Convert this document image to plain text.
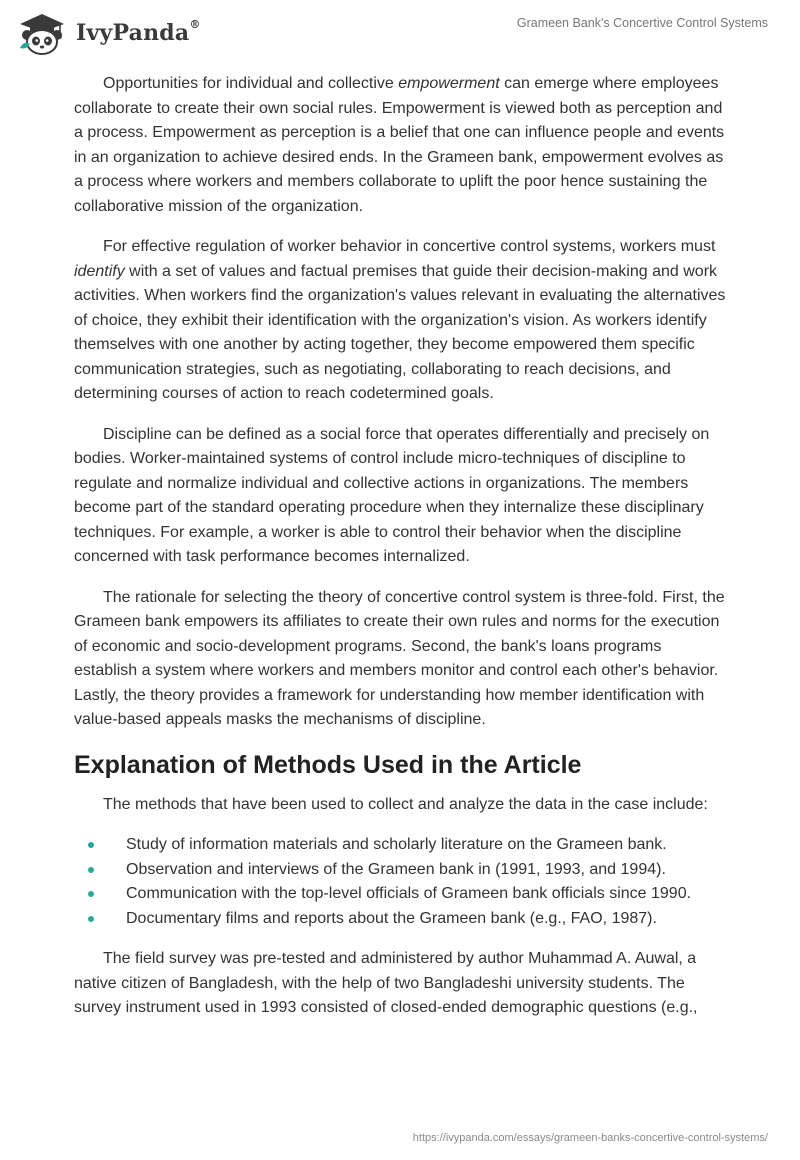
IvyPanda®	Grameen Bank's Concertive Control Systems

Opportunities for individual and collective empowerment can emerge where employees collaborate to create their own social rules. Empowerment is viewed both as perception and a process. Empowerment as perception is a belief that one can influence people and events in an organization to achieve desired ends. In the Grameen bank, empowerment evolves as a process where workers and members collaborate to uplift the poor hence sustaining the collaborative mission of the organization.

For effective regulation of worker behavior in concertive control systems, workers must identify with a set of values and factual premises that guide their decision-making and work activities. When workers find the organization's values relevant in evaluating the alternatives of choice, they exhibit their identification with the organization's vision. As workers identify themselves with one another by acting together, they become empowered them specific communication strategies, such as negotiating, collaborating to reach decisions, and determining courses of action to reach codetermined goals.

Discipline can be defined as a social force that operates differentially and precisely on bodies. Worker-maintained systems of control include micro-techniques of discipline to regulate and normalize individual and collective actions in organizations. The members become part of the standard operating procedure when they internalize these disciplinary techniques. For example, a worker is able to control their behavior when the discipline concerned with task performance becomes internalized.

The rationale for selecting the theory of concertive control system is three-fold. First, the Grameen bank empowers its affiliates to create their own rules and norms for the execution of economic and socio-development programs. Second, the bank's loans programs establish a system where workers and members monitor and control each other's behavior. Lastly, the theory provides a framework for understanding how member identification with value-based appeals masks the mechanisms of discipline.

Explanation of Methods Used in the Article

The methods that have been used to collect and analyze the data in the case include:

Study of information materials and scholarly literature on the Grameen bank.
Observation and interviews of the Grameen bank in (1991, 1993, and 1994).
Communication with the top-level officials of Grameen bank officials since 1990.
Documentary films and reports about the Grameen bank (e.g., FAO, 1987).

The field survey was pre-tested and administered by author Muhammad A. Auwal, a native citizen of Bangladesh, with the help of two Bangladeshi university students. The survey instrument used in 1993 consisted of closed-ended demographic questions (e.g.,

https://ivypanda.com/essays/grameen-banks-concertive-control-systems/
